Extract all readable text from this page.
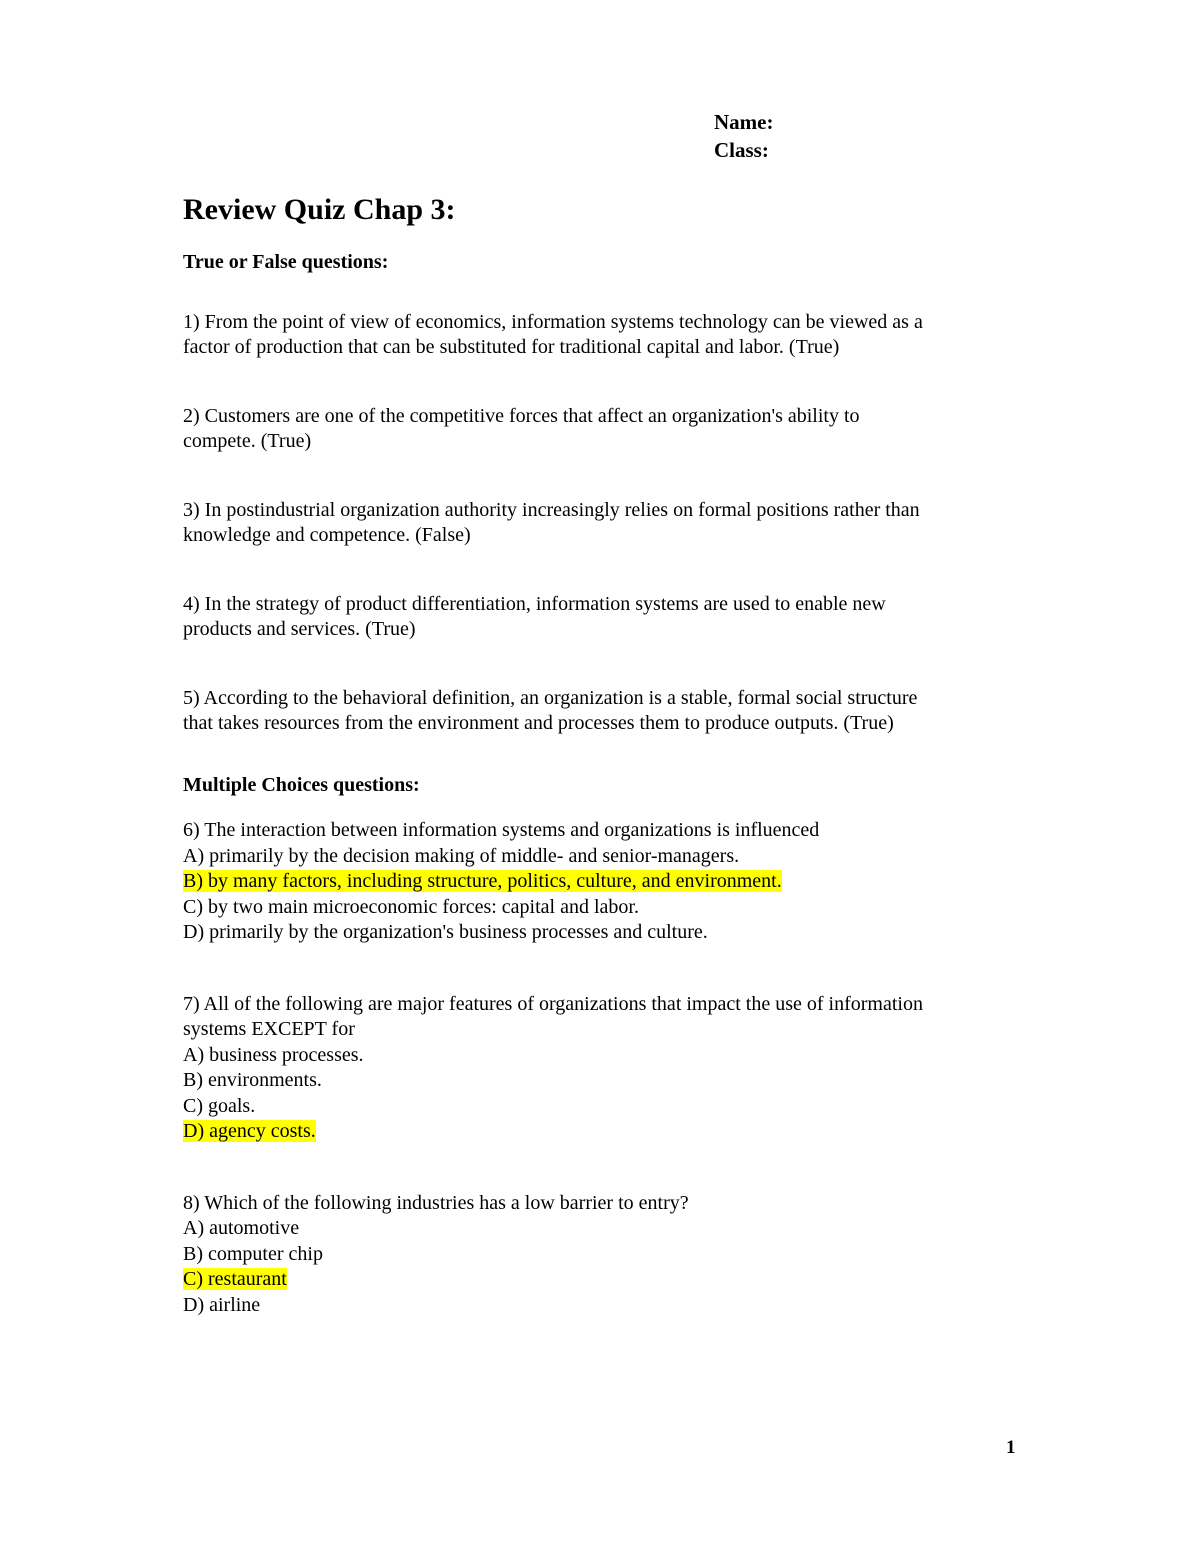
Name:
Class:
Review Quiz Chap 3:

True or False questions:

1) From the point of view of economics, information systems technology can be viewed as a
factor of production that can be substituted for traditional capital and labor. (True)

2) Customers are one of the competitive forces that affect an organization's ability to
compete. (True)

3) In postindustrial organization authority increasingly relies on formal positions rather than
knowledge and competence. (False)

4) In the strategy of product differentiation, information systems are used to enable new
products and services. (True)

5) According to the behavioral definition, an organization is a stable, formal social structure
that takes resources from the environment and processes them to produce outputs. (True)

Multiple Choices questions:

6) The interaction between information systems and organizations is influenced
A) primarily by the decision making of middle- and senior-managers.
B) by many factors, including structure, politics, culture, and environment.
C) by two main microeconomic forces: capital and labor.
D) primarily by the organization's business processes and culture.
7) All of the following are major features of organizations that impact the use of information
systems EXCEPT for
A) business processes.
B) environments.
C) goals.
D) agency costs.
8) Which of the following industries has a low barrier to entry?
A) automotive
B) computer chip
C) restaurant
D) airline
1
